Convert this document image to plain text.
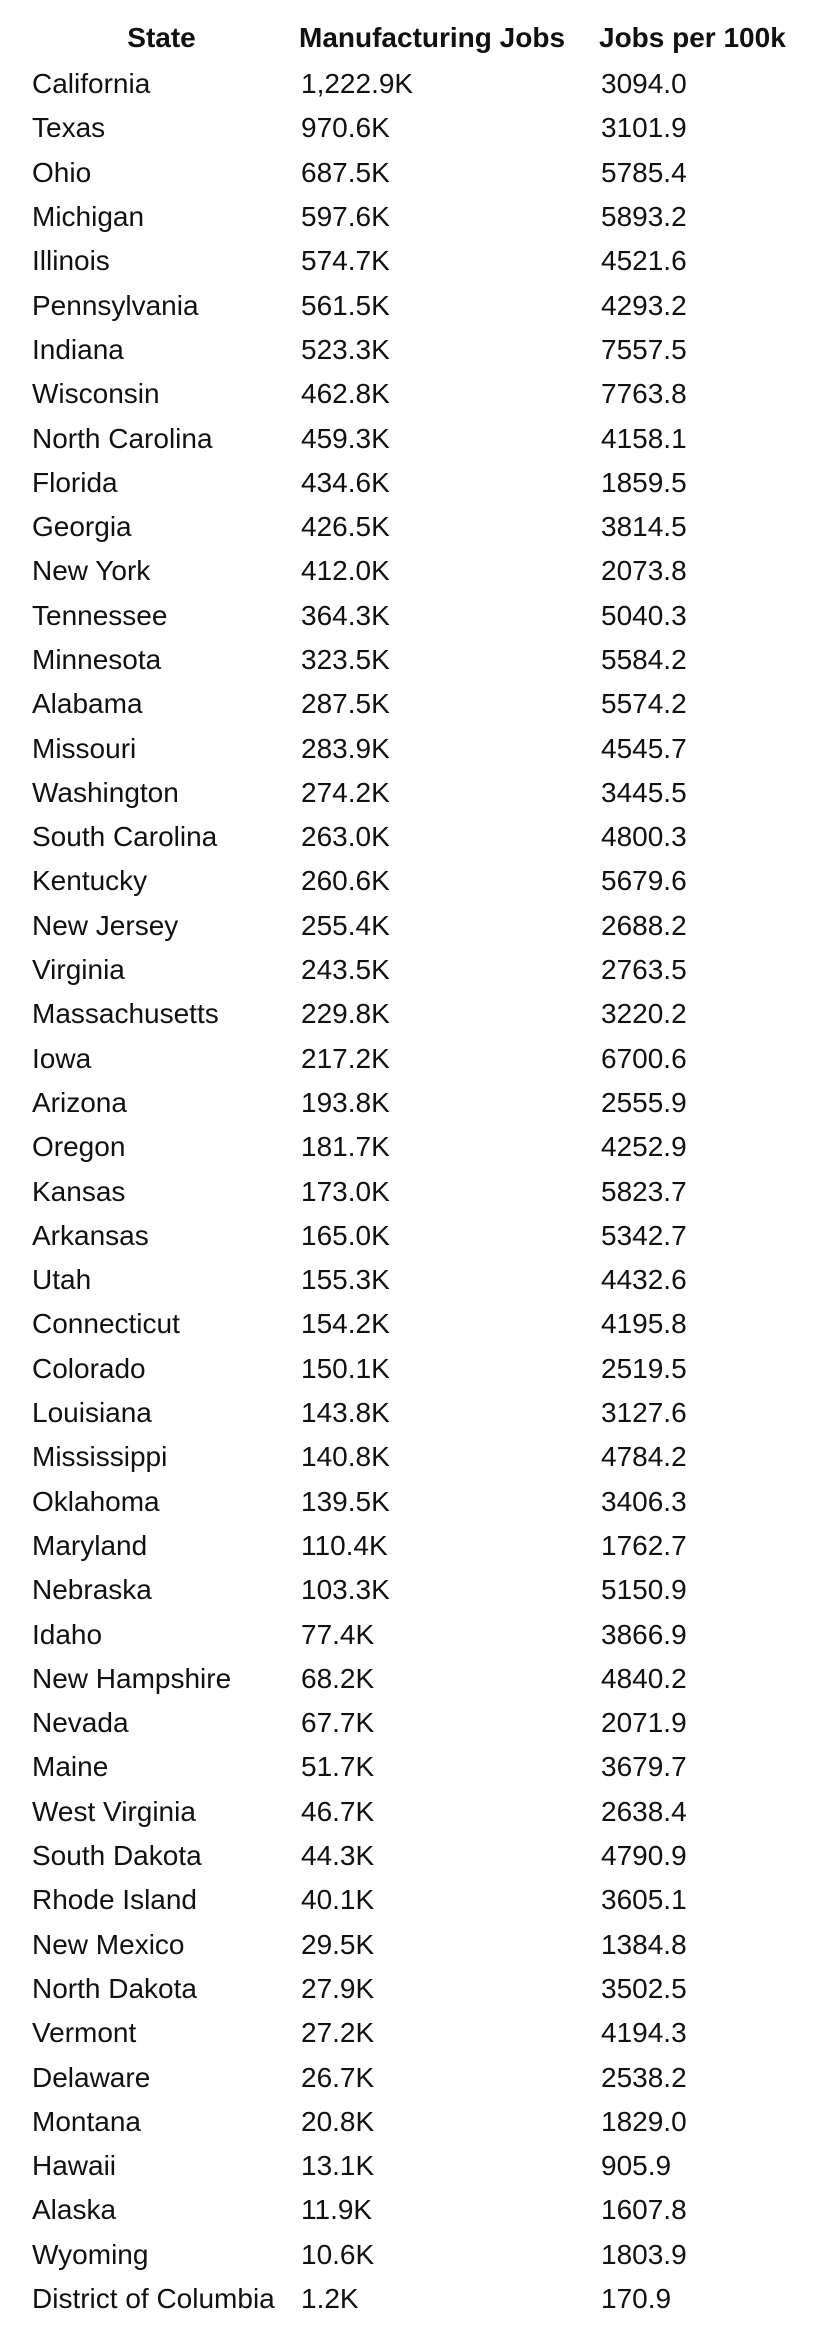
State	Manufacturing Jobs	Jobs per 100k
California	1,222.9K	3094.0
Texas	970.6K	3101.9
Ohio	687.5K	5785.4
Michigan	597.6K	5893.2
Illinois	574.7K	4521.6
Pennsylvania	561.5K	4293.2
Indiana	523.3K	7557.5
Wisconsin	462.8K	7763.8
North Carolina	459.3K	4158.1
Florida	434.6K	1859.5
Georgia	426.5K	3814.5
New York	412.0K	2073.8
Tennessee	364.3K	5040.3
Minnesota	323.5K	5584.2
Alabama	287.5K	5574.2
Missouri	283.9K	4545.7
Washington	274.2K	3445.5
South Carolina	263.0K	4800.3
Kentucky	260.6K	5679.6
New Jersey	255.4K	2688.2
Virginia	243.5K	2763.5
Massachusetts	229.8K	3220.2
Iowa	217.2K	6700.6
Arizona	193.8K	2555.9
Oregon	181.7K	4252.9
Kansas	173.0K	5823.7
Arkansas	165.0K	5342.7
Utah	155.3K	4432.6
Connecticut	154.2K	4195.8
Colorado	150.1K	2519.5
Louisiana	143.8K	3127.6
Mississippi	140.8K	4784.2
Oklahoma	139.5K	3406.3
Maryland	110.4K	1762.7
Nebraska	103.3K	5150.9
Idaho	77.4K	3866.9
New Hampshire	68.2K	4840.2
Nevada	67.7K	2071.9
Maine	51.7K	3679.7
West Virginia	46.7K	2638.4
South Dakota	44.3K	4790.9
Rhode Island	40.1K	3605.1
New Mexico	29.5K	1384.8
North Dakota	27.9K	3502.5
Vermont	27.2K	4194.3
Delaware	26.7K	2538.2
Montana	20.8K	1829.0
Hawaii	13.1K	905.9
Alaska	11.9K	1607.8
Wyoming	10.6K	1803.9
District of Columbia	1.2K	170.9
